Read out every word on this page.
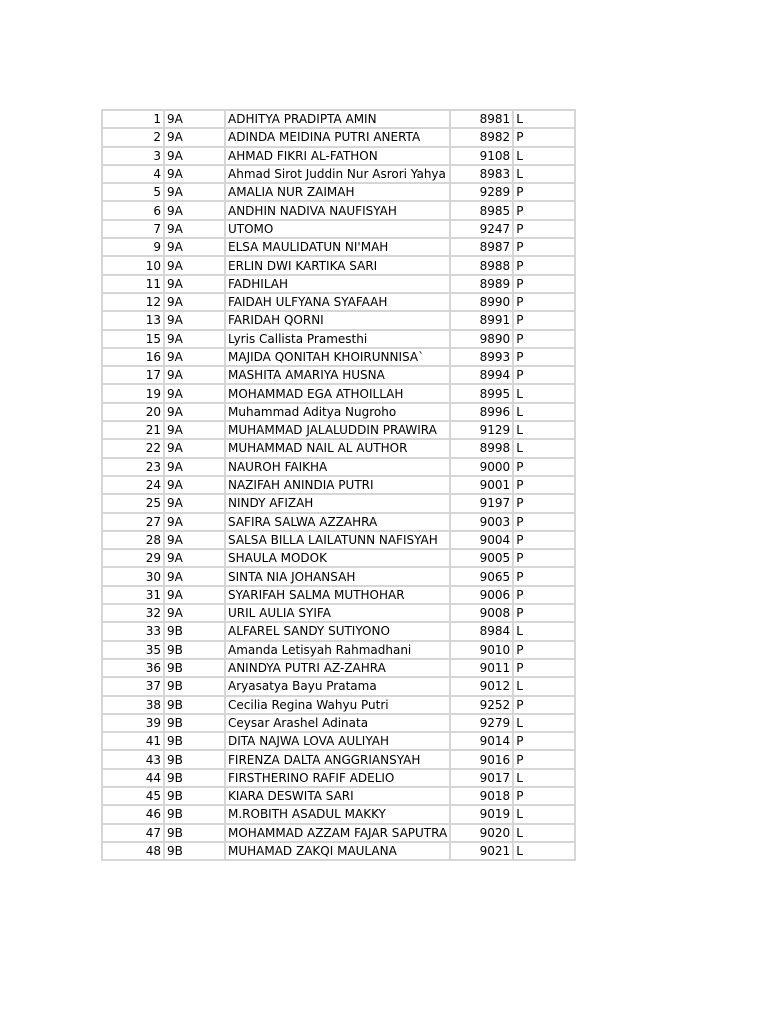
1	9A	ADHITYA PRADIPTA AMIN	8981	L
2	9A	ADINDA MEIDINA PUTRI ANERTA	8982	P
3	9A	AHMAD FIKRI AL-FATHON	9108	L
4	9A	Ahmad Sirot Juddin Nur Asrori Yahya	8983	L
5	9A	AMALIA NUR ZAIMAH	9289	P
6	9A	ANDHIN NADIVA NAUFISYAH	8985	P
7	9A	UTOMO	9247	P
9	9A	ELSA MAULIDATUN NI'MAH	8987	P
10	9A	ERLIN DWI KARTIKA SARI	8988	P
11	9A	FADHILAH	8989	P
12	9A	FAIDAH ULFYANA SYAFAAH	8990	P
13	9A	FARIDAH QORNI	8991	P
15	9A	Lyris Callista Pramesthi	9890	P
16	9A	MAJIDA QONITAH KHOIRUNNISA`	8993	P
17	9A	MASHITA AMARIYA HUSNA	8994	P
19	9A	MOHAMMAD EGA ATHOILLAH	8995	L
20	9A	Muhammad Aditya Nugroho	8996	L
21	9A	MUHAMMAD JALALUDDIN PRAWIRA	9129	L
22	9A	MUHAMMAD NAIL AL AUTHOR	8998	L
23	9A	NAUROH FAIKHA	9000	P
24	9A	NAZIFAH ANINDIA PUTRI	9001	P
25	9A	NINDY AFIZAH	9197	P
27	9A	SAFIRA SALWA AZZAHRA	9003	P
28	9A	SALSA BILLA LAILATUNN NAFISYAH	9004	P
29	9A	SHAULA MODOK	9005	P
30	9A	SINTA NIA JOHANSAH	9065	P
31	9A	SYARIFAH SALMA MUTHOHAR	9006	P
32	9A	URIL AULIA SYIFA	9008	P
33	9B	ALFAREL SANDY SUTIYONO	8984	L
35	9B	Amanda Letisyah Rahmadhani	9010	P
36	9B	ANINDYA PUTRI AZ-ZAHRA	9011	P
37	9B	Aryasatya Bayu Pratama	9012	L
38	9B	Cecilia Regina Wahyu Putri	9252	P
39	9B	Ceysar Arashel Adinata	9279	L
41	9B	DITA NAJWA LOVA AULIYAH	9014	P
43	9B	FIRENZA DALTA ANGGRIANSYAH	9016	P
44	9B	FIRSTHERINO RAFIF ADELIO	9017	L
45	9B	KIARA DESWITA SARI	9018	P
46	9B	M.ROBITH ASADUL MAKKY	9019	L
47	9B	MOHAMMAD AZZAM FAJAR SAPUTRA	9020	L
48	9B	MUHAMAD ZAKQI MAULANA	9021	L
